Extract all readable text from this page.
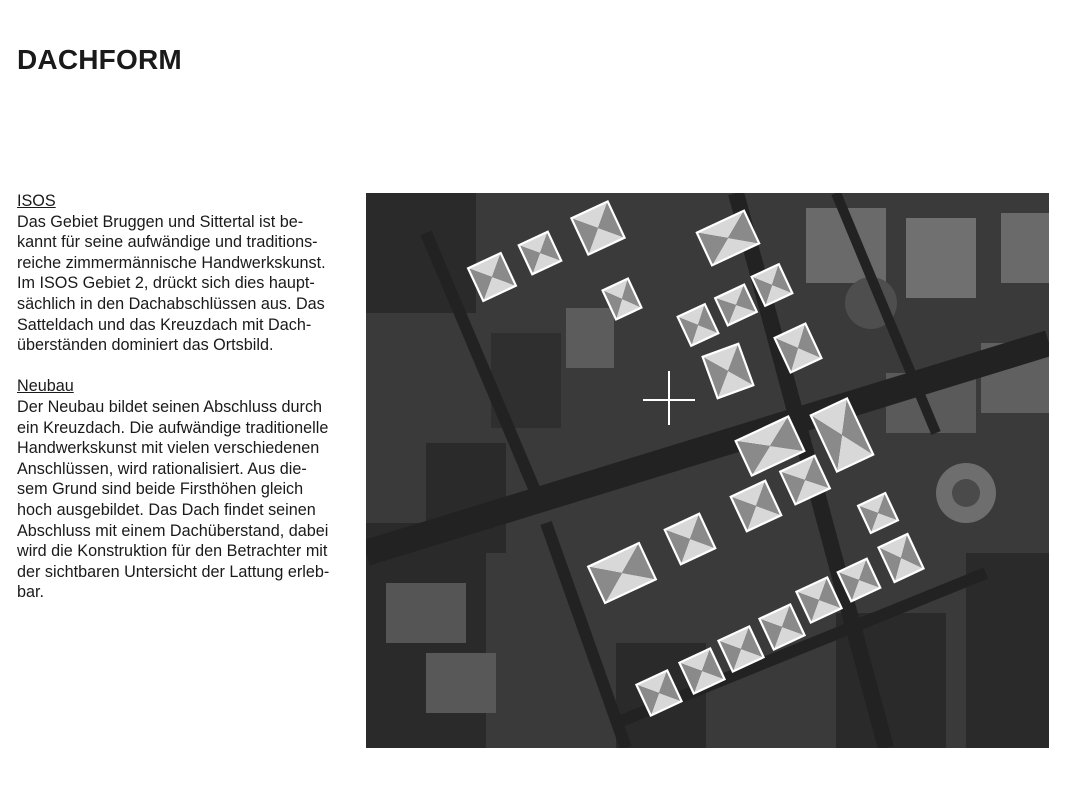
DACHFORM
ISOS
Das Gebiet Bruggen und Sittertal ist be-
kannt für seine aufwändige und traditions-
reiche zimmermännische Handwerkskunst.
Im ISOS Gebiet 2, drückt sich dies haupt-
sächlich in den Dachabschlüssen aus. Das
Satteldach und das Kreuzdach mit Dach-
überständen dominiert das Ortsbild.
Neubau
Der Neubau bildet seinen Abschluss durch
ein Kreuzdach. Die aufwändige traditionelle
Handwerkskunst mit vielen verschiedenen
Anschlüssen, wird rationalisiert. Aus die-
sem Grund sind beide Firsthöhen gleich
hoch ausgebildet. Das Dach findet seinen
Abschluss mit einem Dachüberstand, dabei
wird die Konstruktion für den Betrachter mit
der sichtbaren Untersicht der Lattung erleb-
bar.
